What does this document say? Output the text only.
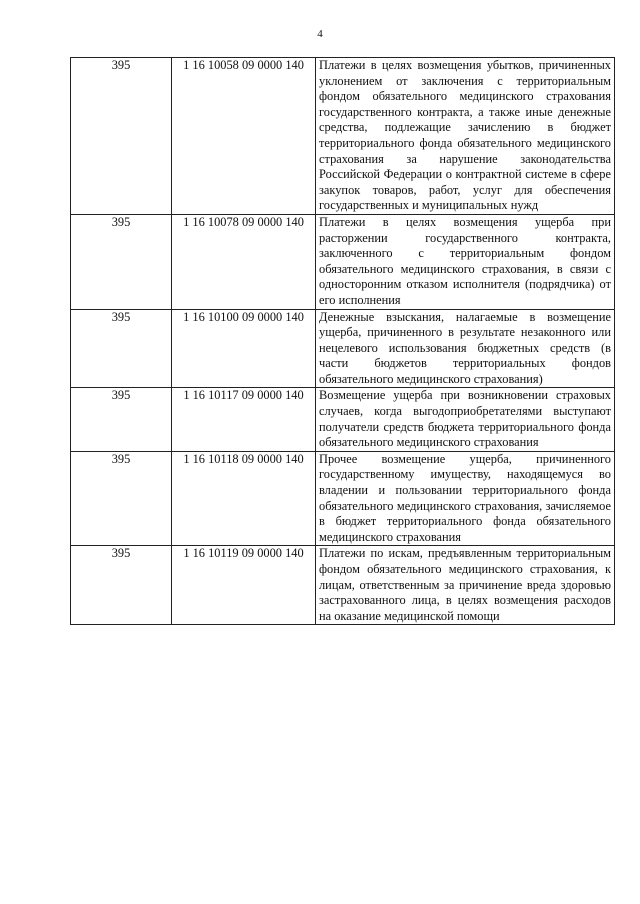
4
395	1 16 10058 09 0000 140	Платежи в целях возмещения убытков, причиненных уклонением от заключения с территориальным фондом обязательного медицинского страхования государственного контракта, а также иные денежные средства, подлежащие зачислению в бюджет территориального фонда обязательного медицинского страхования за нарушение законодательства Российской Федерации о контрактной системе в сфере закупок товаров, работ, услуг для обеспечения государственных и муниципальных нужд
395	1 16 10078 09 0000 140	Платежи в целях возмещения ущерба при расторжении государственного контракта, заключенного с территориальным фондом обязательного медицинского страхования, в связи с односторонним отказом исполнителя (подрядчика) от его исполнения
395	1 16 10100 09 0000 140	Денежные взыскания, налагаемые в возмещение ущерба, причиненного в результате незаконного или нецелевого использования бюджетных средств (в части бюджетов территориальных фондов обязательного медицинского страхования)
395	1 16 10117 09 0000 140	Возмещение ущерба при возникновении страховых случаев, когда выгодоприобретателями выступают получатели средств бюджета территориального фонда обязательного медицинского страхования
395	1 16 10118 09 0000 140	Прочее возмещение ущерба, причиненного государственному имуществу, находящемуся во владении и пользовании территориального фонда обязательного медицинского страхования, зачисляемое в бюджет территориального фонда обязательного медицинского страхования
395	1 16 10119 09 0000 140	Платежи по искам, предъявленным территориальным фондом обязательного медицинского страхования, к лицам, ответственным за причинение вреда здоровью застрахованного лица, в целях возмещения расходов на оказание медицинской помощи
